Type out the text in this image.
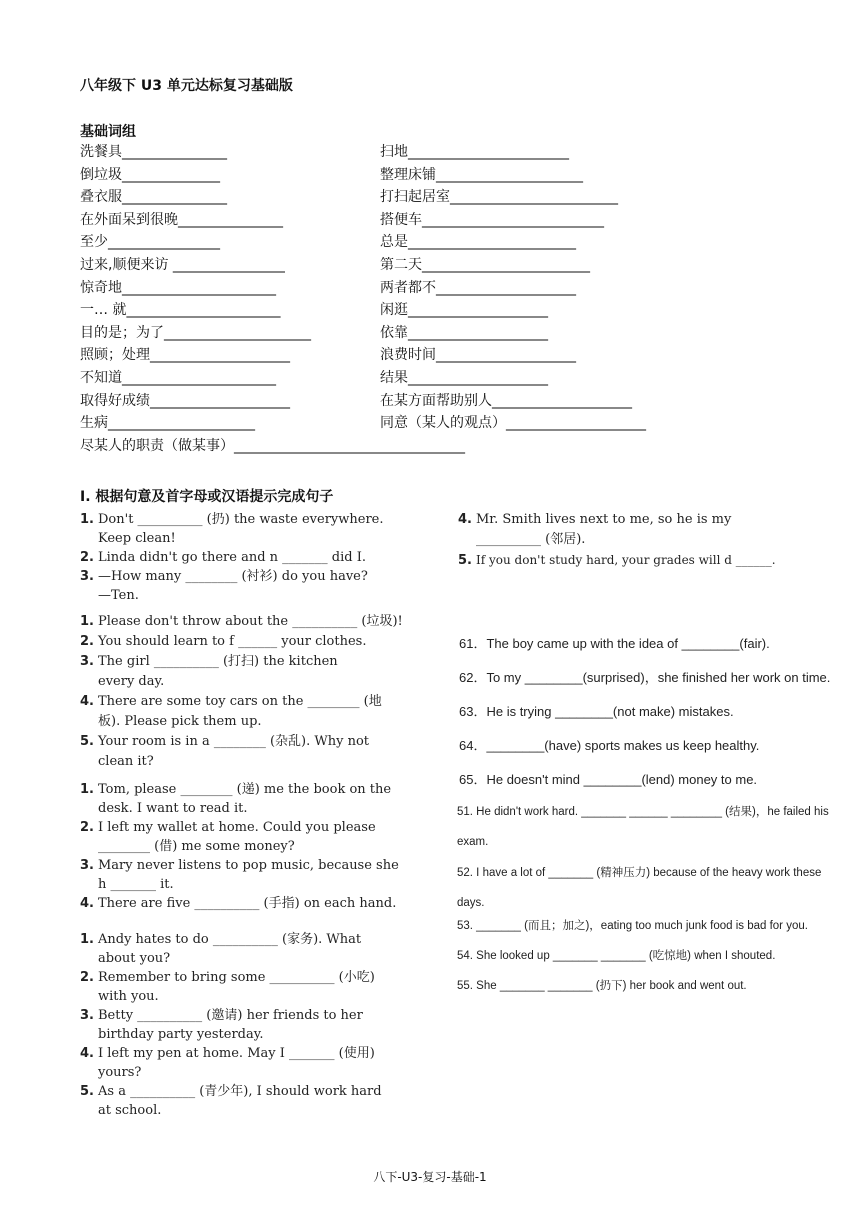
八年级下 U3 单元达标复习基础版
基础词组
洗餐具_______________
倒垃圾______________
叠衣服_______________
在外面呆到很晚_______________
至少________________
过来,顺便来访 ________________
惊奇地______________________
一… 就______________________
目的是；为了_____________________
照顾；处理____________________
不知道______________________
取得好成绩____________________
生病_____________________
扫地_______________________
整理床铺_____________________
打扫起居室________________________
搭便车__________________________
总是________________________
第二天________________________
两者都不____________________
闲逛____________________
依靠____________________
浪费时间____________________
结果____________________
在某方面帮助别人____________________
同意（某人的观点）____________________
尽某人的职责（做某事）_________________________________
Ⅰ. 根据句意及首字母或汉语提示完成句子
1. Don't __________ (扔) the waste everywhere.
Keep clean!
2. Linda didn't go there and n _______ did I.
3. —How many ________ (衬衫) do you have?
—Ten.
1. Please don't throw about the __________ (垃圾)!
2. You should learn to f ______ your clothes.
3. The girl __________ (打扫) the kitchen
every day.
4. There are some toy cars on the ________ (地
板). Please pick them up.
5. Your room is in a ________ (杂乱). Why not
clean it?
1. Tom, please ________ (递) me the book on the
desk. I want to read it.
2. I left my wallet at home. Could you please
________ (借) me some money?
3. Mary never listens to pop music, because she
h _______ it.
4. There are five __________ (手指) on each hand.
1. Andy hates to do __________ (家务). What
about you?
2. Remember to bring some __________ (小吃)
with you.
3. Betty __________ (邀请) her friends to her
birthday party yesterday.
4. I left my pen at home. May I _______ (使用)
yours?
5. As a __________ (青少年), I should work hard
at school.
4. Mr. Smith lives next to me, so he is my
__________ (邻居).
5. If you don't study hard, your grades will d ______.
61．The boy came up with the idea of ________(fair).
62．To my ________(surprised)，she finished her work on time.
63．He is trying ________(not make) mistakes.
64．________(have) sports makes us keep healthy.
65．He doesn't mind ________(lend) money to me.
51. He didn't work hard. _______ ______ ________ (结果)，he failed his exam.
52. I have a lot of _______ (精神压力) because of the heavy work these days.
53. _______ (而且；加之)，eating too much junk food is bad for you.
54. She looked up _______ _______ (吃惊地) when I shouted.
55. She _______ _______ (扔下) her book and went out.
八下-U3-复习-基础-1
